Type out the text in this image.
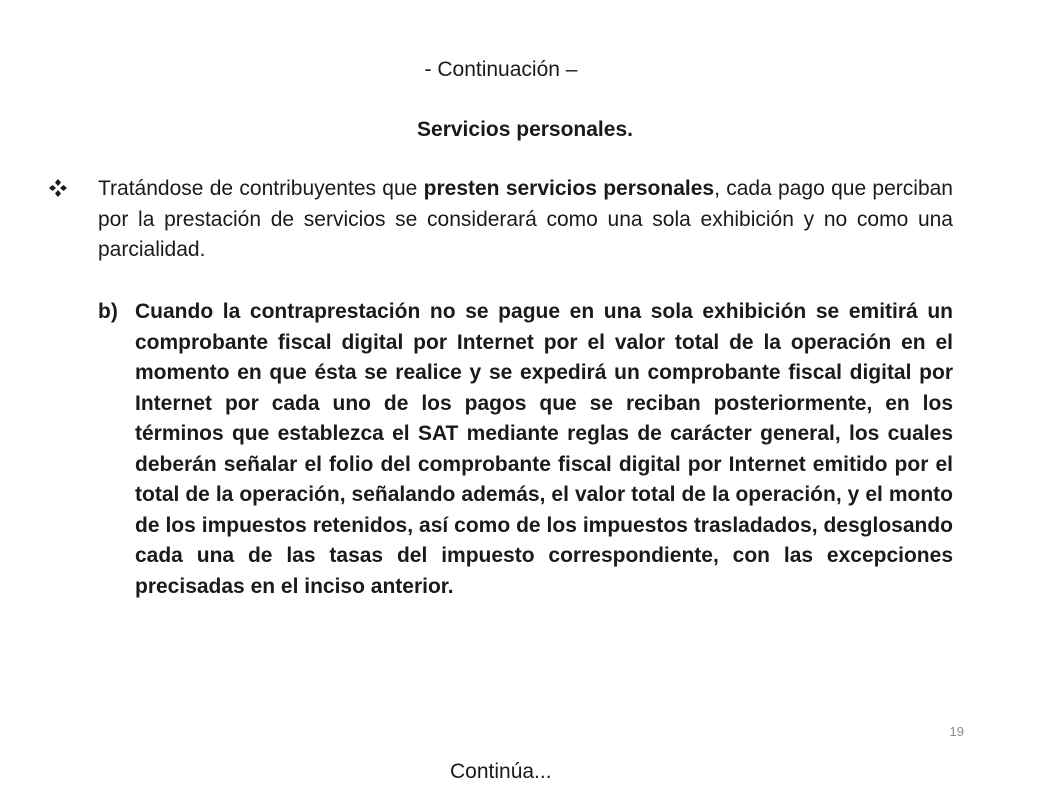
- Continuación –
Servicios personales.
Tratándose de contribuyentes que presten servicios personales, cada pago que perciban por la prestación de servicios se considerará como una sola exhibición y no como una parcialidad.
b) Cuando la contraprestación no se pague en una sola exhibición se emitirá un comprobante fiscal digital por Internet por el valor total de la operación en el momento en que ésta se realice y se expedirá un comprobante fiscal digital por Internet por cada uno de los pagos que se reciban posteriormente, en los términos que establezca el SAT mediante reglas de carácter general, los cuales deberán señalar el folio del comprobante fiscal digital por Internet emitido por el total de la operación, señalando además, el valor total de la operación, y el monto de los impuestos retenidos, así como de los impuestos trasladados, desglosando cada una de las tasas del impuesto correspondiente, con las excepciones precisadas en el inciso anterior.
19
Continúa...
